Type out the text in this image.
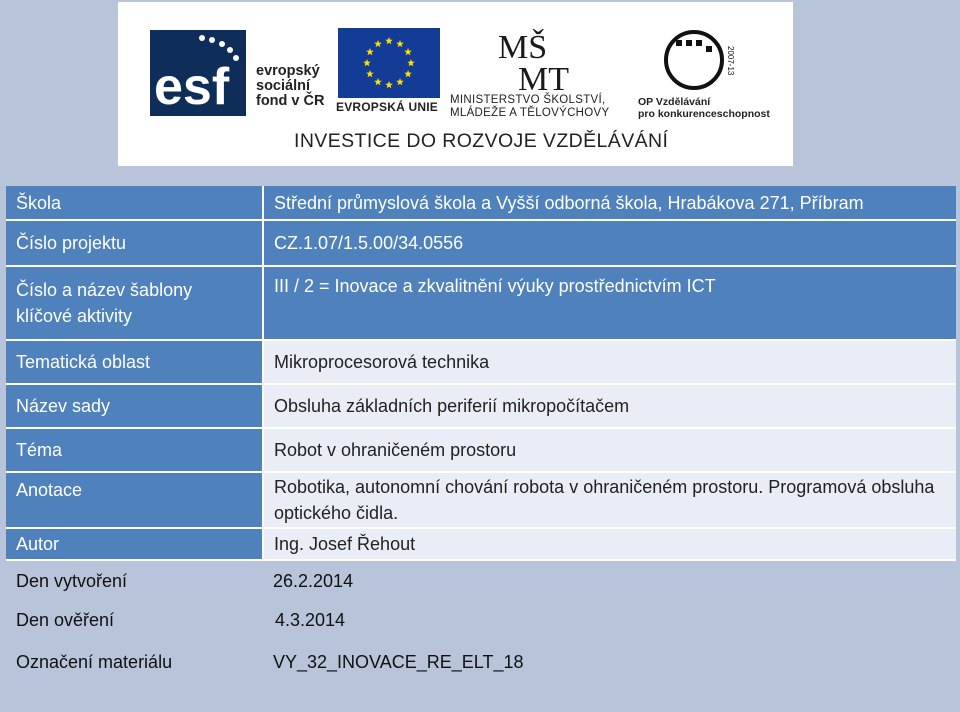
esf evropský
sociální
fond v ČR EVROPSKÁ UNIE
MŠ
MT
MINISTERSTVO ŠKOLSTVÍ,
MLÁDEŽE A TĚLOVÝCHOVY
2007-13
OP Vzdělávání
pro konkurenceschopnost
INVESTICE DO ROZVOJE VZDĚLÁVÁNÍ
Škola	Střední průmyslová škola a Vyšší odborná škola, Hrabákova 271, Příbram
Číslo projektu	CZ.1.07/1.5.00/34.0556
Číslo a název šablony klíčové aktivity	III / 2 = Inovace a zkvalitnění výuky prostřednictvím ICT
Tematická oblast	Mikroprocesorová technika
Název sady	Obsluha základních periferií mikropočítačem
Téma	Robot v ohraničeném prostoru
Anotace	Robotika, autonomní chování robota v ohraničeném prostoru. Programová obsluha optického čidla.
Autor	Ing. Josef Řehout
Den vytvoření	26.2.2014
Den ověření	4.3.2014
Označení materiálu	VY_32_INOVACE_RE_ELT_18
